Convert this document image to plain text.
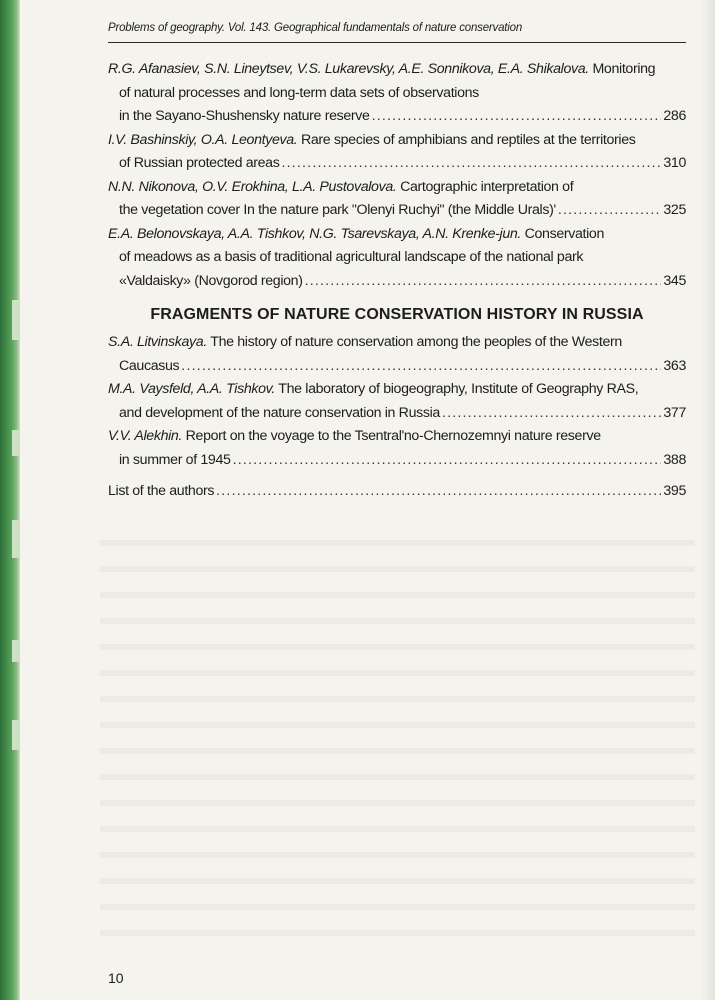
Problems of geography. Vol. 143. Geographical fundamentals of nature conservation
R.G. Afanasiev, S.N. Lineytsev, V.S. Lukarevsky, A.E. Sonnikova, E.A. Shikalova. Monitoring
of natural processes and long-term data sets of observations
in the Sayano-Shushensky nature reserve .....	286
I.V. Bashinskiy, O.A. Leontyeva. Rare species of amphibians and reptiles at the territories
of Russian protected areas .....	310
N.N. Nikonova, O.V. Erokhina, L.A. Pustovalova. Cartographic interpretation of
the vegetation cover In the nature park "Olenyi Ruchyi" (the Middle Urals)' .....	325
E.A. Belonovskaya, A.A. Tishkov, N.G. Tsarevskaya, A.N. Krenke-jun. Conservation
of meadows as a basis of traditional agricultural landscape of the national park
«Valdaisky» (Novgorod region) .....	345
FRAGMENTS OF NATURE CONSERVATION HISTORY IN RUSSIA
S.A. Litvinskaya. The history of nature conservation among the peoples of the Western
Caucasus .....	363
M.A. Vaysfeld, A.A. Tishkov. The laboratory of biogeography, Institute of Geography RAS,
and development of the nature conservation in Russia .....	377
V.V. Alekhin. Report on the voyage to the Tsentral'no-Chernozemnyi nature reserve
in summer of 1945 .....	388
List of the authors .....	395
10
